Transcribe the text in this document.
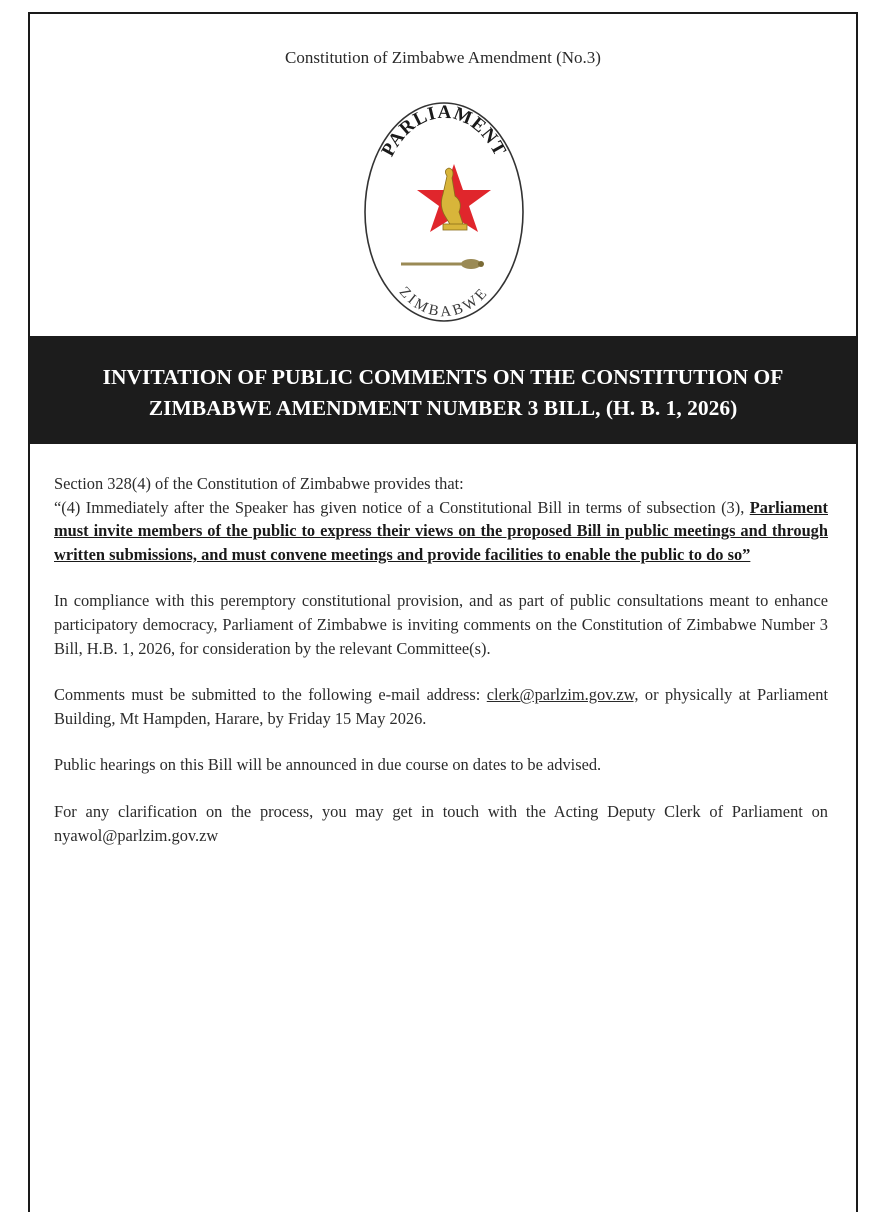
Constitution of Zimbabwe Amendment (No.3)
PARLIAMENT
ZIMBABWE
INVITATION OF PUBLIC COMMENTS ON THE CONSTITUTION OF
ZIMBABWE AMENDMENT NUMBER 3 BILL, (H. B. 1, 2026)

Section 328(4) of the Constitution of Zimbabwe provides that:
“(4) Immediately after the Speaker has given notice of a Constitutional Bill in terms of subsection (3), Parliament must invite members of the public to express their views on the proposed Bill in public meetings and through written submissions, and must convene meetings and provide facilities to enable the public to do so”

In compliance with this peremptory constitutional provision, and as part of public consultations meant to enhance participatory democracy, Parliament of Zimbabwe is inviting comments on the Constitution of Zimbabwe Number 3 Bill, H.B. 1, 2026, for consideration by the relevant Committee(s).

Comments must be submitted to the following e-mail address: clerk@parlzim.gov.zw, or physically at Parliament Building, Mt Hampden, Harare, by Friday 15 May 2026.

Public hearings on this Bill will be announced in due course on dates to be advised.

For any clarification on the process, you may get in touch with the Acting Deputy Clerk of Parliament on nyawol@parlzim.gov.zw
